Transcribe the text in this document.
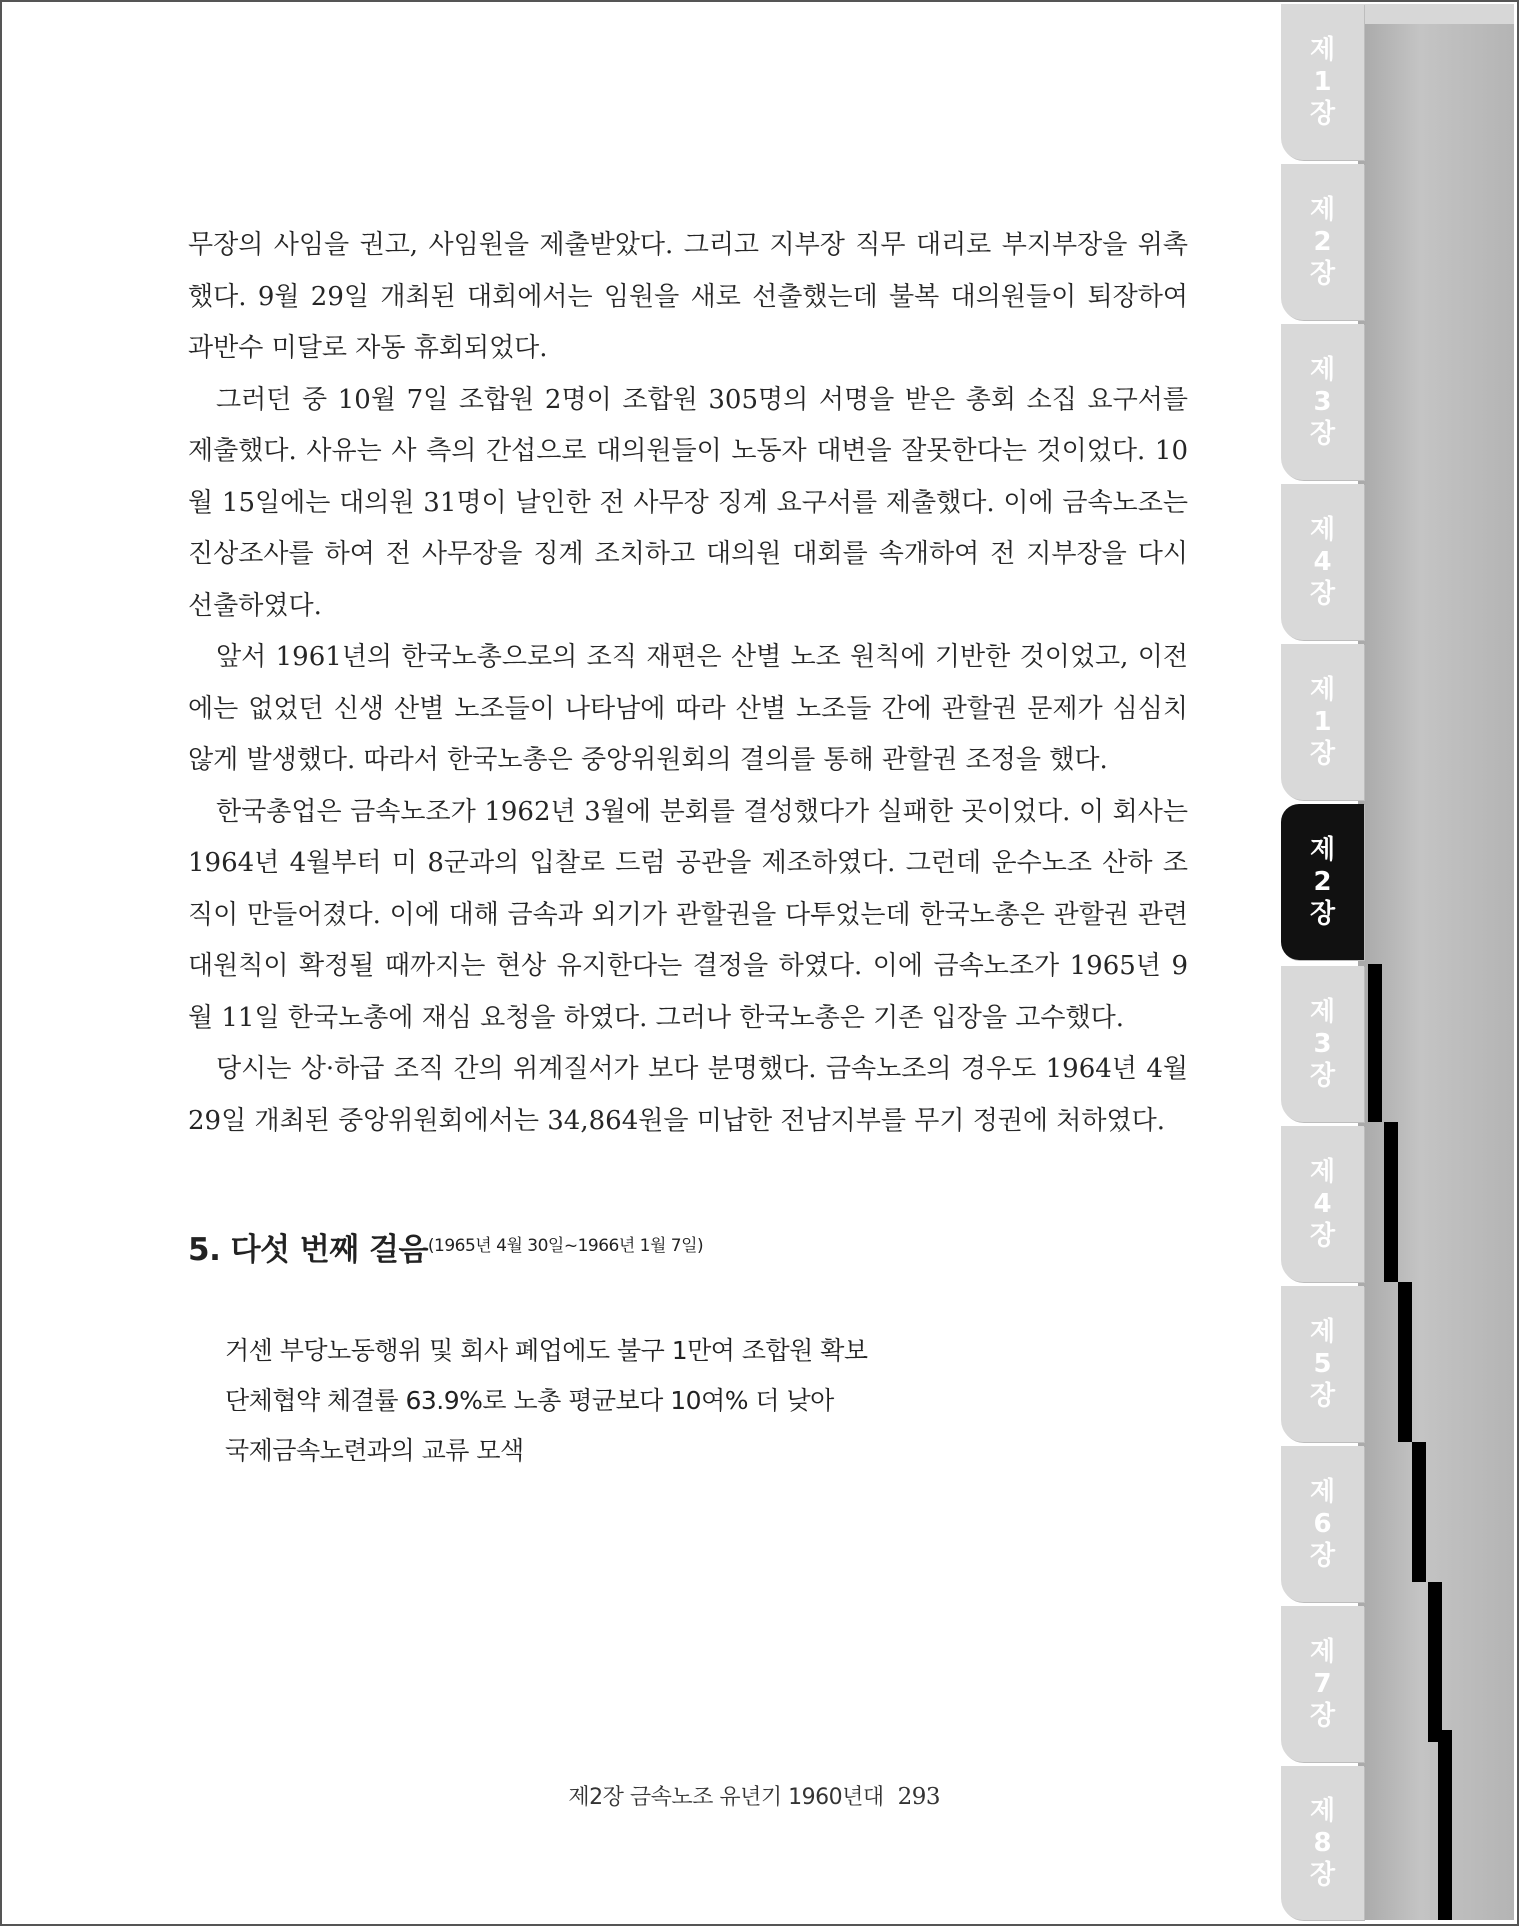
무장의 사임을 권고, 사임원을 제출받았다. 그리고 지부장 직무 대리로 부지부장을 위촉했다. 9월 29일 개최된 대회에서는 임원을 새로 선출했는데 불복 대의원들이 퇴장하여 과반수 미달로 자동 휴회되었다.

그러던 중 10월 7일 조합원 2명이 조합원 305명의 서명을 받은 총회 소집 요구서를 제출했다. 사유는 사 측의 간섭으로 대의원들이 노동자 대변을 잘못한다는 것이었다. 10월 15일에는 대의원 31명이 날인한 전 사무장 징계 요구서를 제출했다. 이에 금속노조는 진상조사를 하여 전 사무장을 징계 조치하고 대의원 대회를 속개하여 전 지부장을 다시 선출하였다.

앞서 1961년의 한국노총으로의 조직 재편은 산별 노조 원칙에 기반한 것이었고, 이전에는 없었던 신생 산별 노조들이 나타남에 따라 산별 노조들 간에 관할권 문제가 심심치 않게 발생했다. 따라서 한국노총은 중앙위원회의 결의를 통해 관할권 조정을 했다.

한국총업은 금속노조가 1962년 3월에 분회를 결성했다가 실패한 곳이었다. 이 회사는 1964년 4월부터 미 8군과의 입찰로 드럼 공관을 제조하였다. 그런데 운수노조 산하 조직이 만들어졌다. 이에 대해 금속과 외기가 관할권을 다투었는데 한국노총은 관할권 관련 대원칙이 확정될 때까지는 현상 유지한다는 결정을 하였다. 이에 금속노조가 1965년 9월 11일 한국노총에 재심 요청을 하였다. 그러나 한국노총은 기존 입장을 고수했다.

당시는 상·하급 조직 간의 위계질서가 보다 분명했다. 금속노조의 경우도 1964년 4월 29일 개최된 중앙위원회에서는 34,864원을 미납한 전남지부를 무기 정권에 처하였다.

5. 다섯 번째 걸음$^{(1965년 4월 30일\sim 1966년 1월 7일)}$
거센 부당노동행위 및 회사 폐업에도 불구 1만여 조합원 확보
단체협약 체결률 63.9%로 노총 평균보다 10여% 더 낮아
국제금속노련과의 교류 모색
제2장 금속노조 유년기 1960년대 293
제
1
장
제
2
장
제
3
장
제
4
장
제
1
장
제
2
장
제
3
장
제
4
장
제
5
장
제
6
장
제
7
장
제
8
장
